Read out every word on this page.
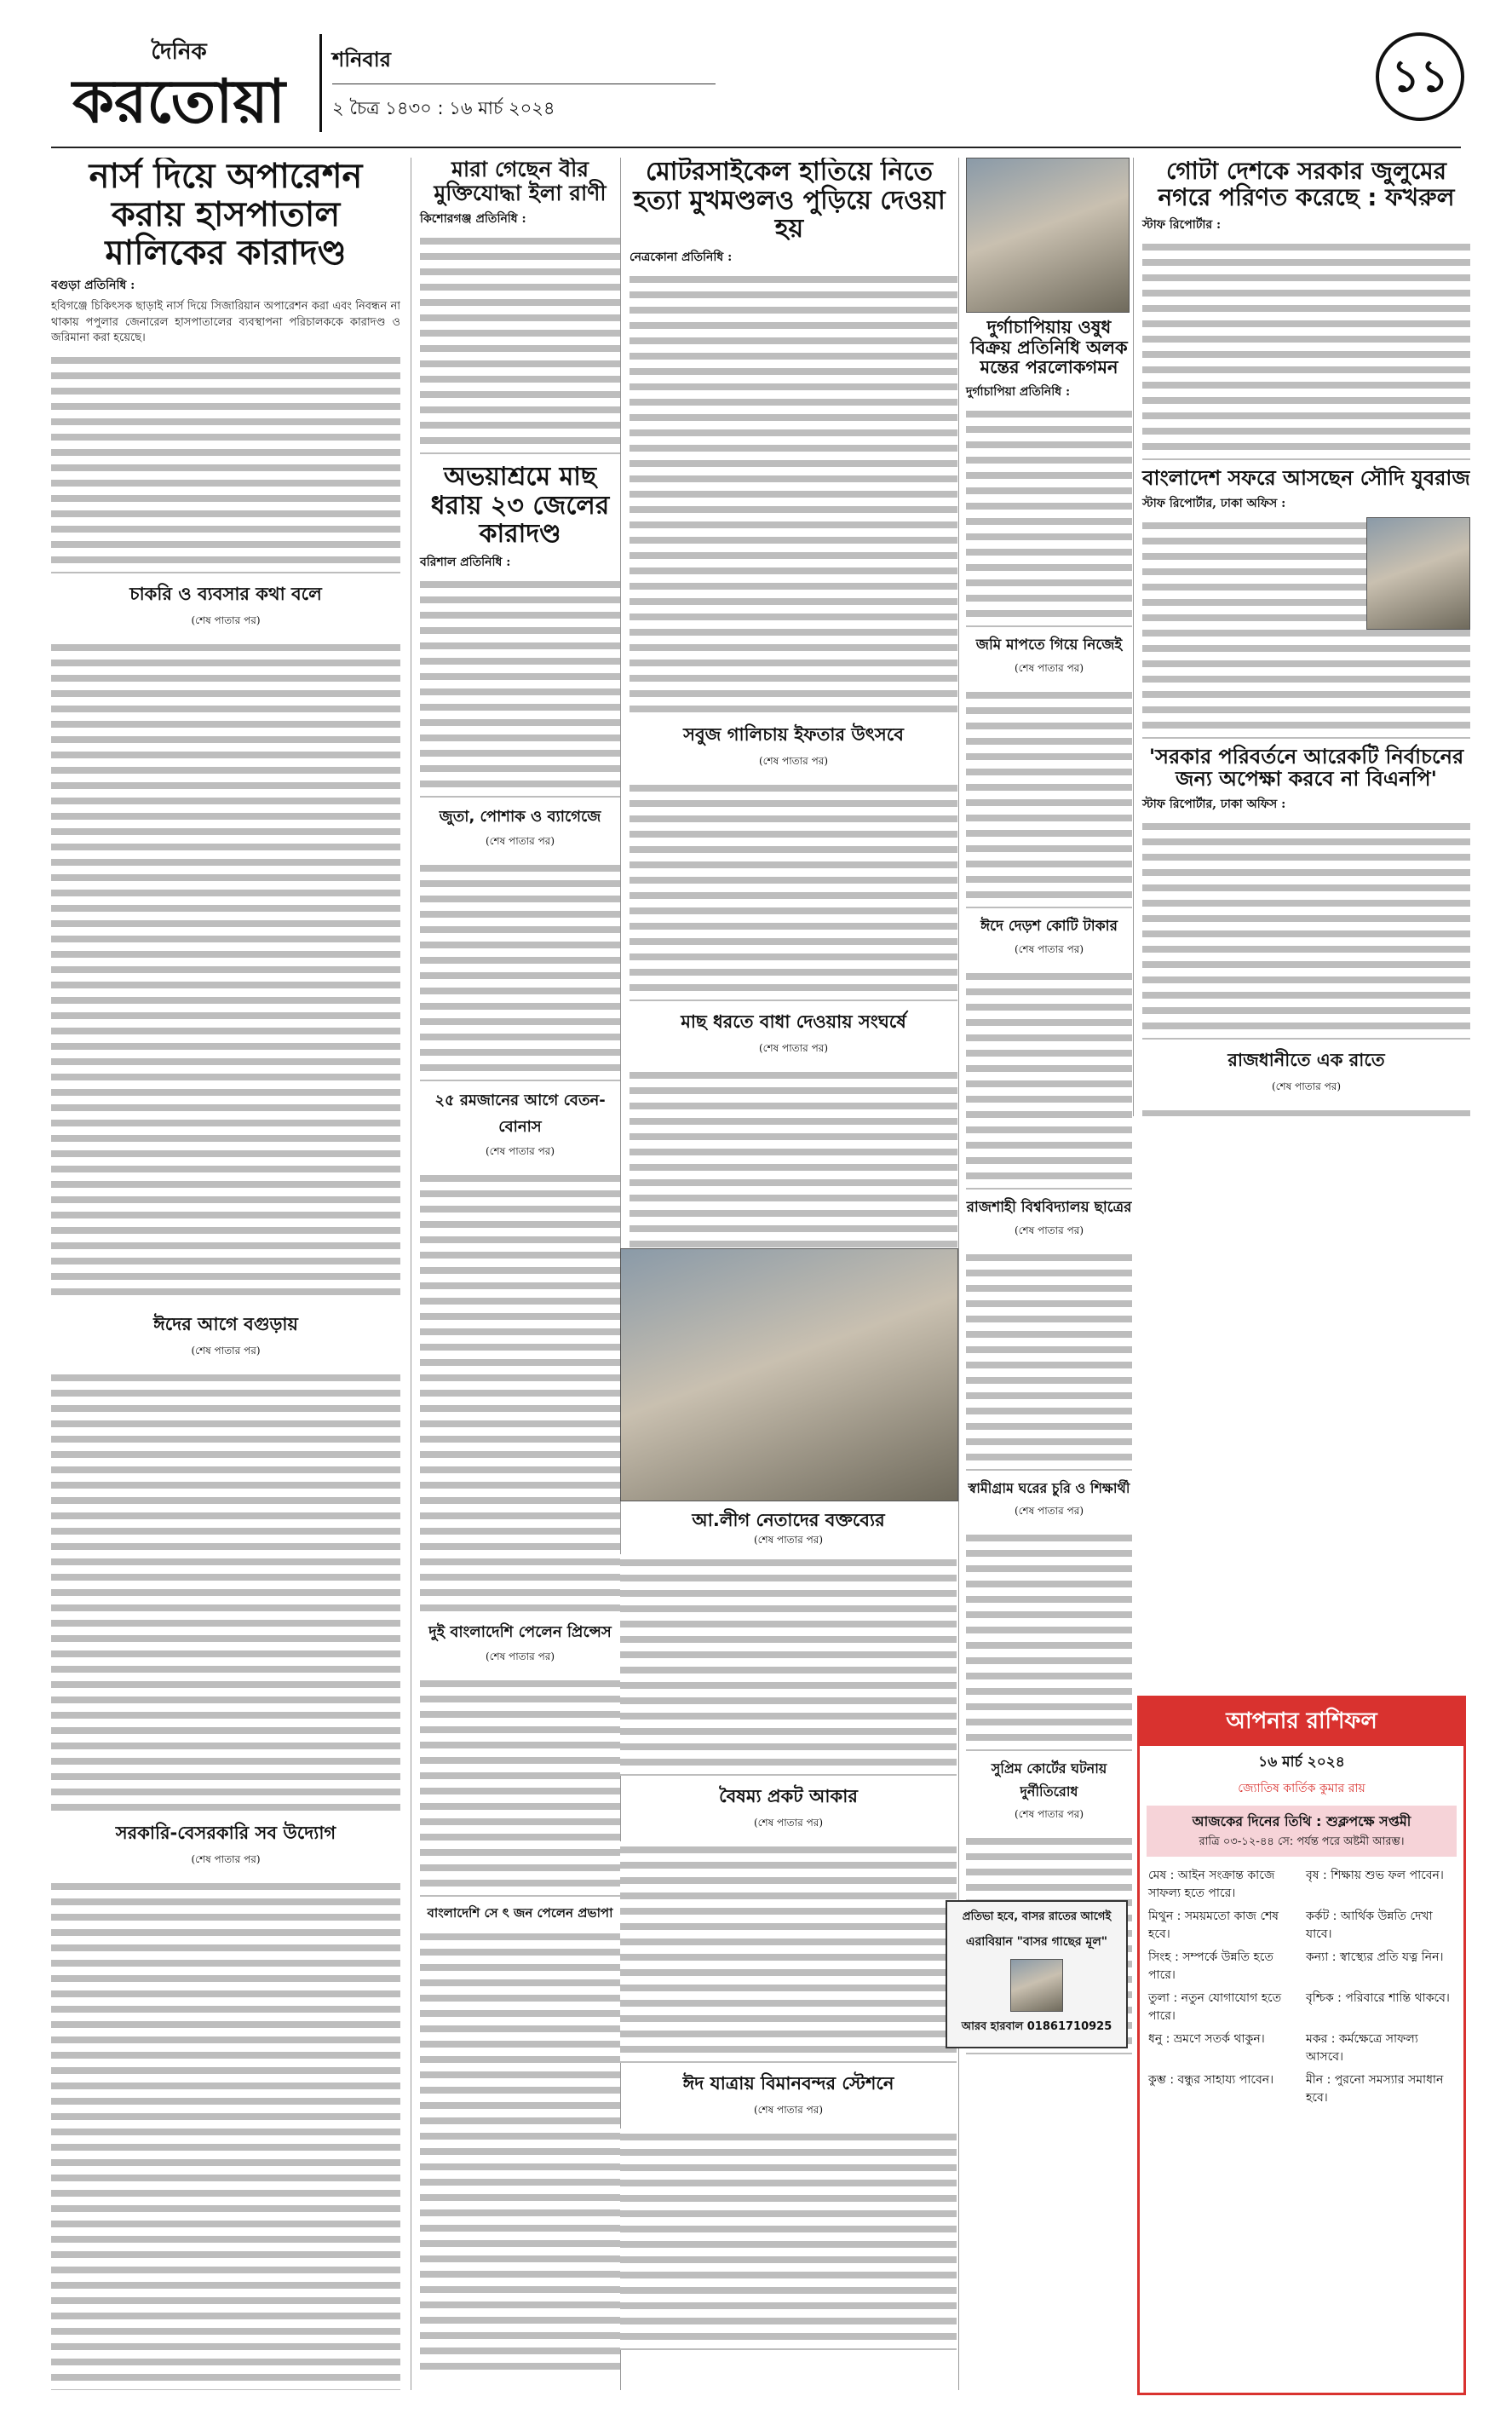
দৈনিক
করতোয়া
শনিবার
২ চৈত্র ১৪৩০ : ১৬ মার্চ ২০২৪
১১
নার্স দিয়ে অপারেশন করায় হাসপাতাল মালিকের কারাদণ্ড
বগুড়া প্রতিনিধি :

হবিগঞ্জে চিকিৎসক ছাড়াই নার্স দিয়ে সিজারিয়ান অপারেশন করা এবং নিবন্ধন না থাকায় পপুলার জেনারেল হাসপাতালের ব্যবস্থাপনা পরিচালককে কারাদণ্ড ও জরিমানা করা হয়েছে।

চাকরি ও ব্যবসার কথা বলে
(শেষ পাতার পর)

ঈদের আগে বগুড়ায়
(শেষ পাতার পর)

সরকারি-বেসরকারি সব উদ্যোগ
(শেষ পাতার পর)

মারা গেছেন বীর মুক্তিযোদ্ধা ইলা রাণী
কিশোরগঞ্জ প্রতিনিধি :

অভয়াশ্রমে মাছ ধরায় ২৩ জেলের কারাদণ্ড
বরিশাল প্রতিনিধি :

জুতা, পোশাক ও ব্যাগেজে
(শেষ পাতার পর)

২৫ রমজানের আগে বেতন-বোনাস
(শেষ পাতার পর)

দুই বাংলাদেশি পেলেন প্রিন্সেস
(শেষ পাতার পর)

বাংলাদেশি সে ৎ জন পেলেন প্রভাপা

মোটরসাইকেল হাতিয়ে নিতে হত্যা মুখমণ্ডলও পুড়িয়ে দেওয়া হয়
নেত্রকোনা প্রতিনিধি :

সবুজ গালিচায় ইফতার উৎসবে
(শেষ পাতার পর)

মাছ ধরতে বাধা দেওয়ায় সংঘর্ষে
(শেষ পাতার পর)

আ.লীগ নেতাদের বক্তব্যের
(শেষ পাতার পর)

বৈষম্য প্রকট আকার
(শেষ পাতার পর)

ঈদ যাত্রায় বিমানবন্দর স্টেশনে
(শেষ পাতার পর)

দুর্গাচাপিয়ায় ওষুধ বিক্রয় প্রতিনিধি অলক মন্তের পরলোকগমন
দুর্গাচাপিয়া প্রতিনিধি :

জমি মাপতে গিয়ে নিজেই
(শেষ পাতার পর)

ঈদে দেড়শ কোটি টাকার
(শেষ পাতার পর)

রাজশাহী বিশ্ববিদ্যালয় ছাত্রের
(শেষ পাতার পর)

স্বামীগ্রাম ঘরের চুরি ও শিক্ষার্থী
(শেষ পাতার পর)

সুপ্রিম কোর্টের ঘটনায় দুর্নীতিরোধ
(শেষ পাতার পর)

প্রতিভা হবে, বাসর রাতের আগেই
এরাবিয়ান "বাসর গাছের মূল"
আরব হারবাল 01861710925
গোটা দেশকে সরকার জুলুমের নগরে পরিণত করেছে : ফখরুল
স্টাফ রিপোর্টার :

বাংলাদেশ সফরে আসছেন সৌদি যুবরাজ
স্টাফ রিপোর্টার, ঢাকা অফিস :

'সরকার পরিবর্তনে আরেকটি নির্বাচনের জন্য অপেক্ষা করবে না বিএনপি'
স্টাফ রিপোর্টার, ঢাকা অফিস :

রাজধানীতে এক রাতে
(শেষ পাতার পর)

আপনার রাশিফল
১৬ মার্চ ২০২৪
জ্যোতিষ কার্তিক কুমার রায়
আজকের দিনের তিথি : শুক্লপক্ষে সপ্তমী
রাত্রি ০৩-১২-৪৪ সে: পর্যন্ত পরে অষ্টমী আরম্ভ।
মেষ : আইন সংক্রান্ত কাজে সাফল্য হতে পারে।
বৃষ : শিক্ষায় শুভ ফল পাবেন।
মিথুন : সময়মতো কাজ শেষ হবে।
কর্কট : আর্থিক উন্নতি দেখা যাবে।
সিংহ : সম্পর্কে উন্নতি হতে পারে।
কন্যা : স্বাস্থ্যের প্রতি যত্ন নিন।
তুলা : নতুন যোগাযোগ হতে পারে।
বৃশ্চিক : পরিবারে শান্তি থাকবে।
ধনু : ভ্রমণে সতর্ক থাকুন।	মকর : কর্মক্ষেত্রে সাফল্য আসবে।
কুম্ভ : বন্ধুর সাহায্য পাবেন।	মীন : পুরনো সমস্যার সমাধান হবে।
